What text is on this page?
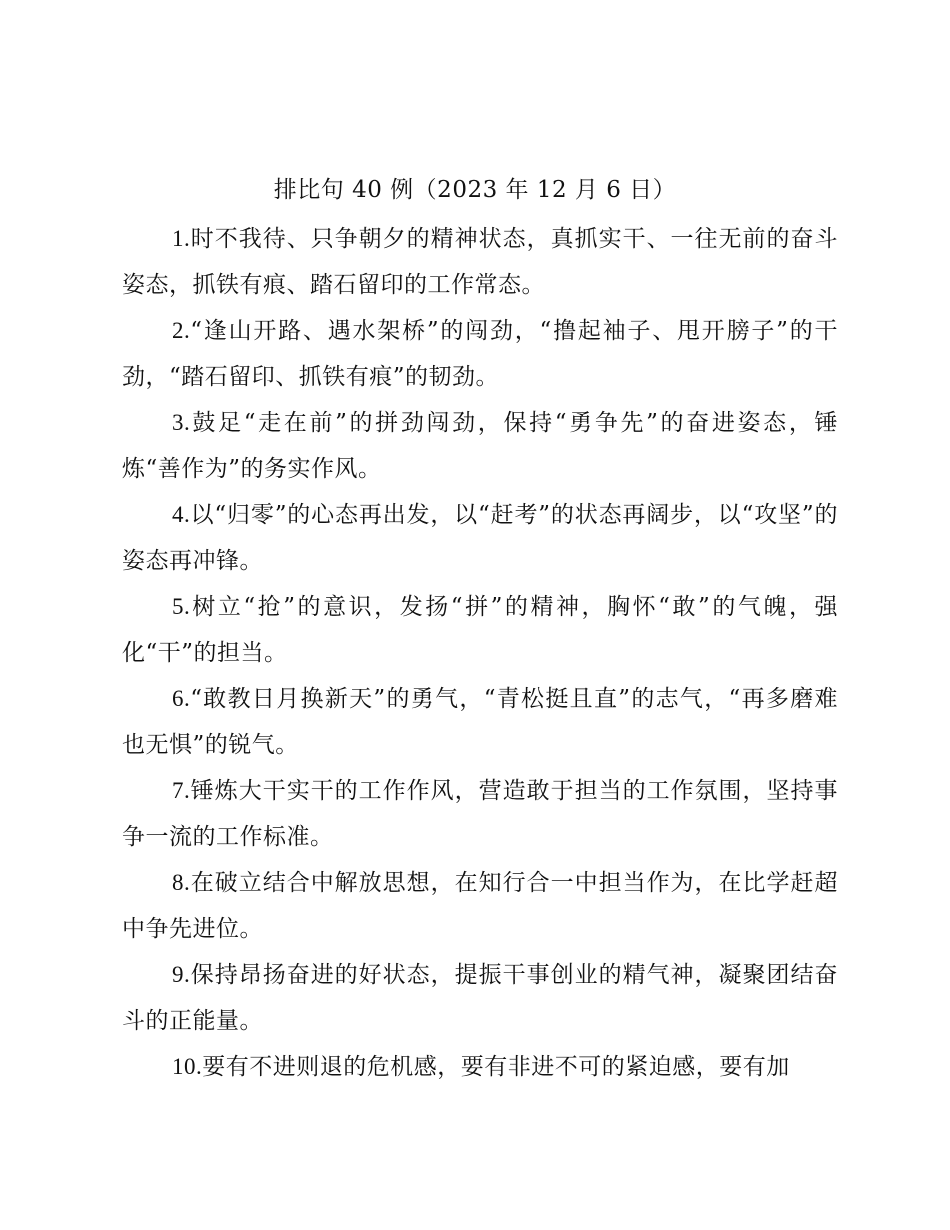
排比句 40 例（2023 年 12 月 6 日）

1.时不我待、只争朝夕的精神状态，真抓实干、一往无前的奋斗姿态，抓铁有痕、踏石留印的工作常态。

2.“逢山开路、遇水架桥”的闯劲，“撸起袖子、甩开膀子”的干劲，“踏石留印、抓铁有痕”的韧劲。

3.鼓足“走在前”的拼劲闯劲，保持“勇争先”的奋进姿态，锤炼“善作为”的务实作风。

4.以“归零”的心态再出发，以“赶考”的状态再阔步，以“攻坚”的姿态再冲锋。

5.树立“抢”的意识，发扬“拼”的精神，胸怀“敢”的气魄，强化“干”的担当。

6.“敢教日月换新天”的勇气，“青松挺且直”的志气，“再多磨难也无惧”的锐气。

7.锤炼大干实干的工作作风，营造敢于担当的工作氛围，坚持事争一流的工作标准。

8.在破立结合中解放思想，在知行合一中担当作为，在比学赶超中争先进位。

9.保持昂扬奋进的好状态，提振干事创业的精气神，凝聚团结奋斗的正能量。

10.要有不进则退的危机感，要有非进不可的紧迫感，要有加
